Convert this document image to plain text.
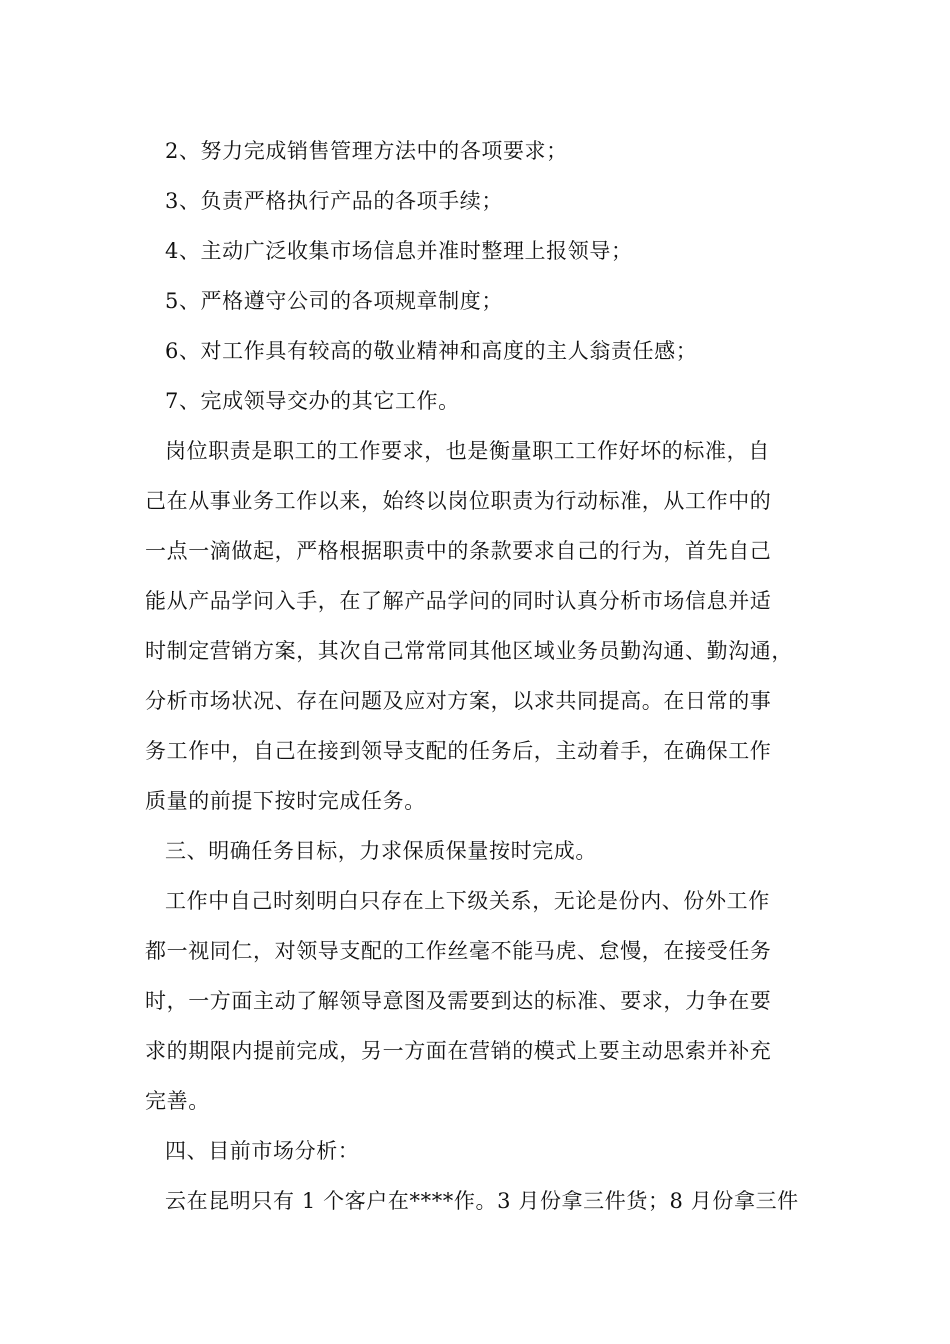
2、努力完成销售管理方法中的各项要求；
3、负责严格执行产品的各项手续；
4、主动广泛收集市场信息并准时整理上报领导；
5、严格遵守公司的各项规章制度；
6、对工作具有较高的敬业精神和高度的主人翁责任感；
7、完成领导交办的其它工作。
岗位职责是职工的工作要求，也是衡量职工工作好坏的标准，自
己在从事业务工作以来，始终以岗位职责为行动标准，从工作中的
一点一滴做起，严格根据职责中的条款要求自己的行为，首先自己
能从产品学问入手，在了解产品学问的同时认真分析市场信息并适
时制定营销方案，其次自己常常同其他区域业务员勤沟通、勤沟通，
分析市场状况、存在问题及应对方案，以求共同提高。在日常的事
务工作中，自己在接到领导支配的任务后，主动着手，在确保工作
质量的前提下按时完成任务。
三、明确任务目标，力求保质保量按时完成。
工作中自己时刻明白只存在上下级关系，无论是份内、份外工作
都一视同仁，对领导支配的工作丝毫不能马虎、怠慢，在接受任务
时，一方面主动了解领导意图及需要到达的标准、要求，力争在要
求的期限内提前完成，另一方面在营销的模式上要主动思索并补充
完善。
四、目前市场分析：
云在昆明只有 1 个客户在****作。3 月份拿三件货；8 月份拿三件
